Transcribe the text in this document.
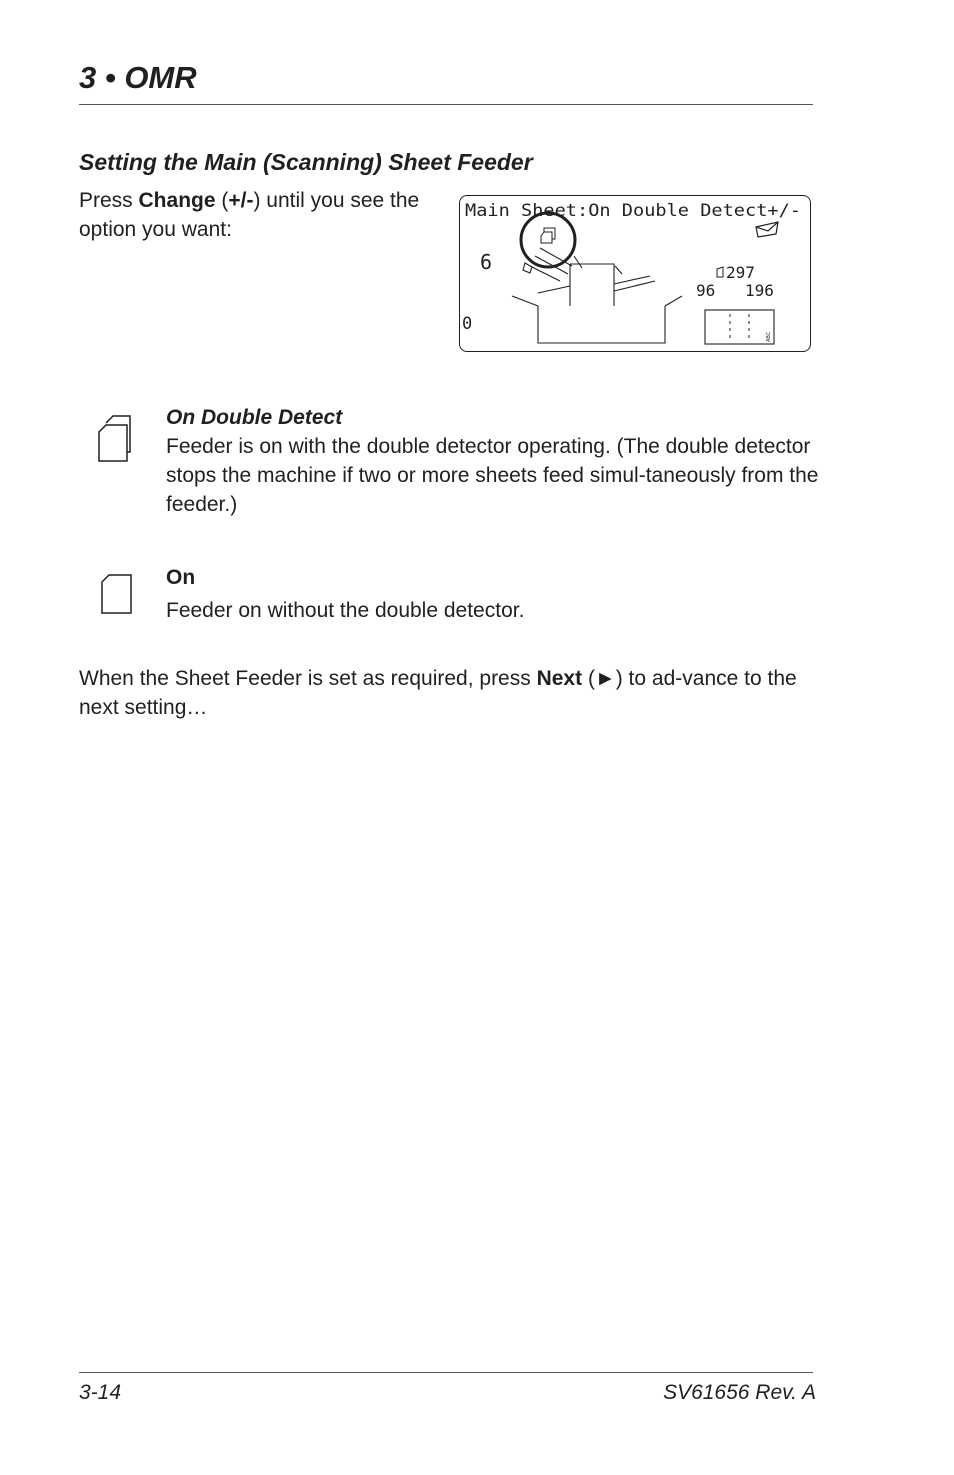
3 • OMR
Setting the Main (Scanning) Sheet Feeder

Press Change (+/-) until you see the option you want:

Main Sheet:On Double Detect+/-
6
0
297
96 196
ABC

On Double Detect

Feeder is on with the double detector operating. (The double detector stops the machine if two or more sheets feed simul-taneously from the feeder.)

On

Feeder on without the double detector.

When the Sheet Feeder is set as required, press Next (►) to ad-vance to the next setting…

3-14	SV61656 Rev. A
